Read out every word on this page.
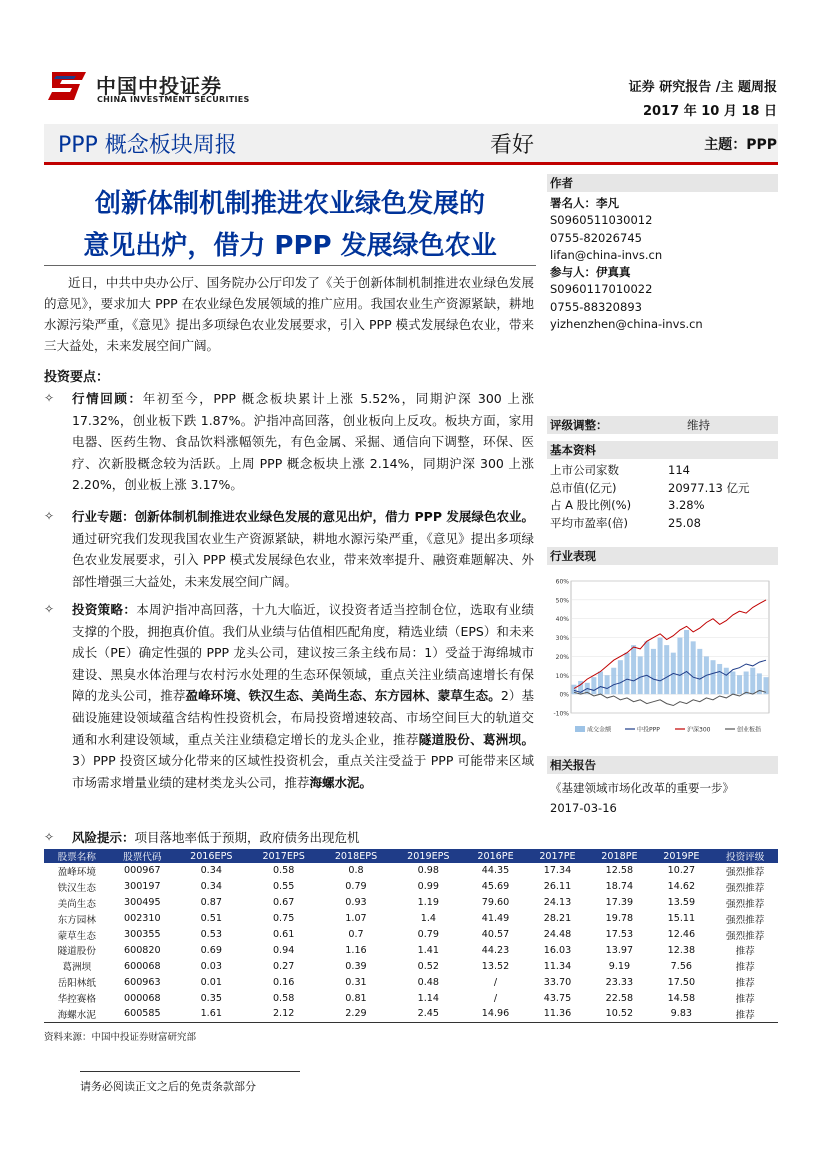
中国中投证券
CHINA INVESTMENT SECURITIES
证券 研究报告 /主 题周报
2017 年 10 月 18 日
PPP 概念板块周报	看好	主题：PPP
创新体制机制推进农业绿色发展的
意见出炉，借力 PPP 发展绿色农业
近日，中共中央办公厅、国务院办公厅印发了《关于创新体制机制推进农业绿色发展的意见》，要求加大 PPP 在农业绿色发展领域的推广应用。我国农业生产资源紧缺，耕地水源污染严重，《意见》提出多项绿色农业发展要求，引入 PPP 模式发展绿色农业，带来三大益处，未来发展空间广阔。
投资要点：
✧ 行情回顾：年初至今，PPP 概念板块累计上涨 5.52%，同期沪深 300 上涨 17.32%，创业板下跌 1.87%。沪指冲高回落，创业板向上反攻。板块方面，家用电器、医药生物、食品饮料涨幅领先，有色金属、采掘、通信向下调整，环保、医疗、次新股概念较为活跃。上周 PPP 概念板块上涨 2.14%，同期沪深 300 上涨 2.20%，创业板上涨 3.17%。
✧ 行业专题：创新体制机制推进农业绿色发展的意见出炉，借力 PPP 发展绿色农业。通过研究我们发现我国农业生产资源紧缺，耕地水源污染严重，《意见》提出多项绿色农业发展要求，引入 PPP 模式发展绿色农业，带来效率提升、融资难题解决、外部性增强三大益处，未来发展空间广阔。
✧ 投资策略：本周沪指冲高回落，十九大临近，议投资者适当控制仓位，选取有业绩支撑的个股，拥抱真价值。我们从业绩与估值相匹配角度，精选业绩（EPS）和未来成长（PE）确定性强的 PPP 龙头公司，建议按三条主线布局：1）受益于海绵城市建设、黑臭水体治理与农村污水处理的生态环保领域，重点关注业绩高速增长有保障的龙头公司，推荐盈峰环境、铁汉生态、美尚生态、东方园林、蒙草生态。2）基础设施建设领域蕴含结构性投资机会，布局投资增速较高、市场空间巨大的轨道交通和水利建设领域，重点关注业绩稳定增长的龙头企业，推荐隧道股份、葛洲坝。3）PPP 投资区域分化带来的区域性投资机会，重点关注受益于 PPP 可能带来区域市场需求增量业绩的建材类龙头公司，推荐海螺水泥。
✧ 风险提示：项目落地率低于预期，政府债务出现危机
作者
署名人：李凡
S0960511030012
0755-82026745
lifan@china-invs.cn
参与人：伊真真
S0960117010022
0755-88320893
yizhenzhen@china-invs.cn
评级调整：	维持
基本资料
上市公司家数	114
总市值(亿元)	20977.13 亿元
占 A 股比例(%)	3.28%
平均市盈率(倍)	25.08
行业表现
60%
50%
40%
30%
20%
10%
0%
-10%
成交金额	中投PPP	沪深300	创业板指
相关报告
《基建领域市场化改革的重要一步》
2017-03-16
股票名称	股票代码	2016EPS	2017EPS	2018EPS	2019EPS	2016PE	2017PE	2018PE	2019PE	投资评级
盈峰环境	000967	0.34	0.58	0.8	0.98	44.35	17.34	12.58	10.27	强烈推荐
铁汉生态	300197	0.34	0.55	0.79	0.99	45.69	26.11	18.74	14.62	强烈推荐
美尚生态	300495	0.87	0.67	0.93	1.19	79.60	24.13	17.39	13.59	强烈推荐
东方园林	002310	0.51	0.75	1.07	1.4	41.49	28.21	19.78	15.11	强烈推荐
蒙草生态	300355	0.53	0.61	0.7	0.79	40.57	24.48	17.53	12.46	强烈推荐
隧道股份	600820	0.69	0.94	1.16	1.41	44.23	16.03	13.97	12.38	推荐
葛洲坝	600068	0.03	0.27	0.39	0.52	13.52	11.34	9.19	7.56	推荐
岳阳林纸	600963	0.01	0.16	0.31	0.48	/	33.70	23.33	17.50	推荐
华控赛格	000068	0.35	0.58	0.81	1.14	/	43.75	22.58	14.58	推荐
海螺水泥	600585	1.61	2.12	2.29	2.45	14.96	11.36	10.52	9.83	推荐
资料来源：中国中投证券财富研究部
请务必阅读正文之后的免责条款部分
